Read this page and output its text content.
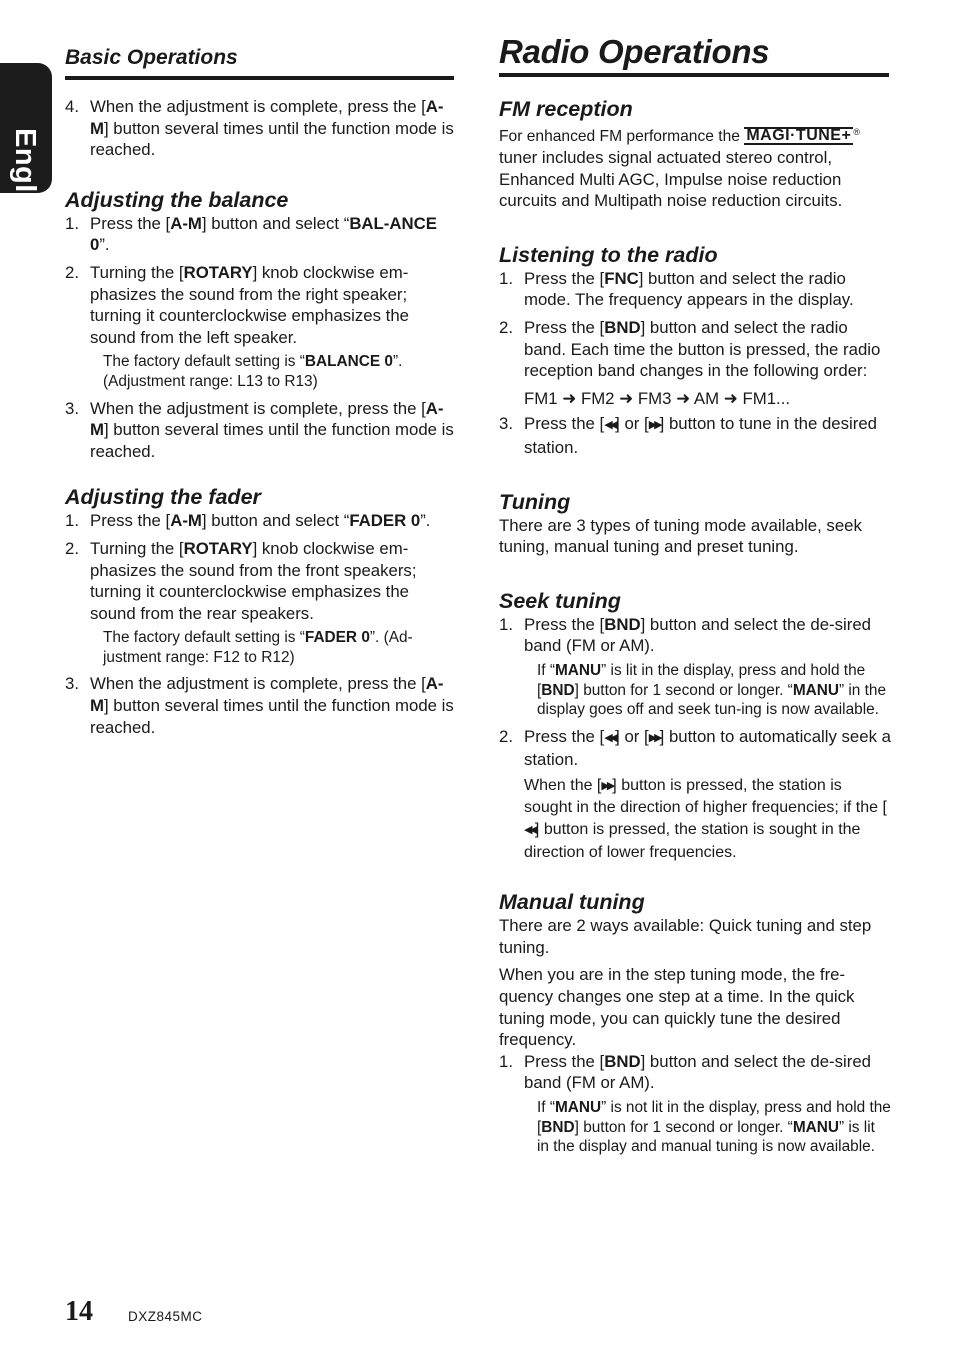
English
Basic Operations
4. When the adjustment is complete, press the [A-M] button several times until the function mode is reached.
Adjusting the balance
1. Press the [A-M] button and select “BAL-ANCE 0”.
2. Turning the [ROTARY] knob clockwise em-phasizes the sound from the right speaker; turning it counterclockwise emphasizes the sound from the left speaker.
The factory default setting is “BALANCE 0”. (Adjustment range: L13 to R13)
3. When the adjustment is complete, press the [A-M] button several times until the function mode is reached.
Adjusting the fader
1. Press the [A-M] button and select “FADER 0”.
2. Turning the [ROTARY] knob clockwise em-phasizes the sound from the front speakers; turning it counterclockwise emphasizes the sound from the rear speakers.
The factory default setting is “FADER 0”. (Ad-justment range: F12 to R12)
3. When the adjustment is complete, press the [A-M] button several times until the function mode is reached.
Radio Operations
FM reception

For enhanced FM performance the MAGI·TUNE+ ®

tuner includes signal actuated stereo control, Enhanced Multi AGC, Impulse noise reduction curcuits and Multipath noise reduction circuits.

Listening to the radio
1. Press the [FNC] button and select the radio mode. The frequency appears in the display.
2. Press the [BND] button and select the radio band. Each time the button is pressed, the radio reception band changes in the following order:
FM1 ➜ FM2 ➜ FM3 ➜ AM ➜ FM1...
3. Press the [◀◀] or [▶▶] button to tune in the desired station.
Tuning

There are 3 types of tuning mode available, seek tuning, manual tuning and preset tuning.

Seek tuning
1. Press the [BND] button and select the de-sired band (FM or AM).
If “MANU” is lit in the display, press and hold the [BND] button for 1 second or longer. “MANU” in the display goes off and seek tun-ing is now available.
2. Press the [◀◀] or [▶▶] button to automatically seek a station.
When the [▶▶] button is pressed, the station is sought in the direction of higher frequencies; if the [◀◀] button is pressed, the station is sought in the direction of lower frequencies.
Manual tuning

There are 2 ways available: Quick tuning and step tuning.

When you are in the step tuning mode, the fre-quency changes one step at a time. In the quick tuning mode, you can quickly tune the desired frequency.

1. Press the [BND] button and select the de-sired band (FM or AM).
If “MANU” is not lit in the display, press and hold the [BND] button for 1 second or longer. “MANU” is lit in the display and manual tuning is now available.
14	DXZ845MC
